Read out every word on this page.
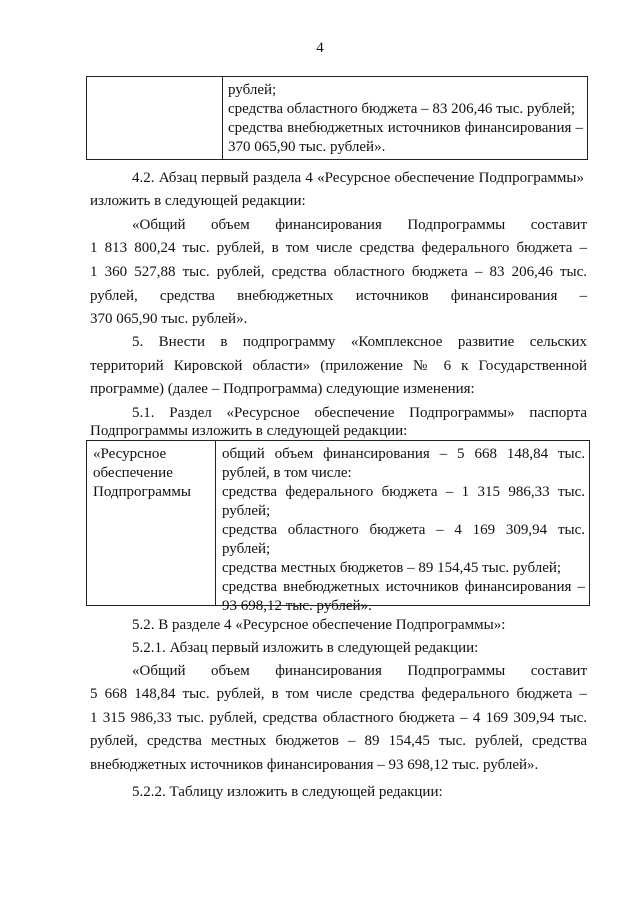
4
рублей;
средства областного бюджета – 83 206,46 тыс. рублей;
средства внебюджетных источников финансирования –
370 065,90 тыс. рублей».
4.2. Абзац первый раздела 4 «Ресурсное обеспечение Подпрограммы»
изложить в следующей редакции:
«Общий объем финансирования Подпрограммы составит
1 813 800,24 тыс. рублей, в том числе средства федерального бюджета –
1 360 527,88 тыс. рублей, средства областного бюджета – 83 206,46 тыс.
рублей, средства внебюджетных источников финансирования –
370 065,90 тыс. рублей».
5. Внести в подпрограмму «Комплексное развитие сельских
территорий Кировской области» (приложение № 6 к Государственной
программе) (далее – Подпрограмма) следующие изменения:
5.1. Раздел «Ресурсное обеспечение Подпрограммы» паспорта
Подпрограммы изложить в следующей редакции:
«Ресурсное
обеспечение
Подпрограммы
общий объем финансирования – 5 668 148,84 тыс.
рублей, в том числе:
средства федерального бюджета – 1 315 986,33 тыс.
рублей;
средства областного бюджета – 4 169 309,94 тыс.
рублей;
средства местных бюджетов – 89 154,45 тыс. рублей;
средства внебюджетных источников финансирования –
93 698,12 тыс. рублей».
5.2. В разделе 4 «Ресурсное обеспечение Подпрограммы»:
5.2.1. Абзац первый изложить в следующей редакции:
«Общий объем финансирования Подпрограммы составит
5 668 148,84 тыс. рублей, в том числе средства федерального бюджета –
1 315 986,33 тыс. рублей, средства областного бюджета – 4 169 309,94 тыс.
рублей, средства местных бюджетов – 89 154,45 тыс. рублей, средства
внебюджетных источников финансирования – 93 698,12 тыс. рублей».
5.2.2. Таблицу изложить в следующей редакции:
